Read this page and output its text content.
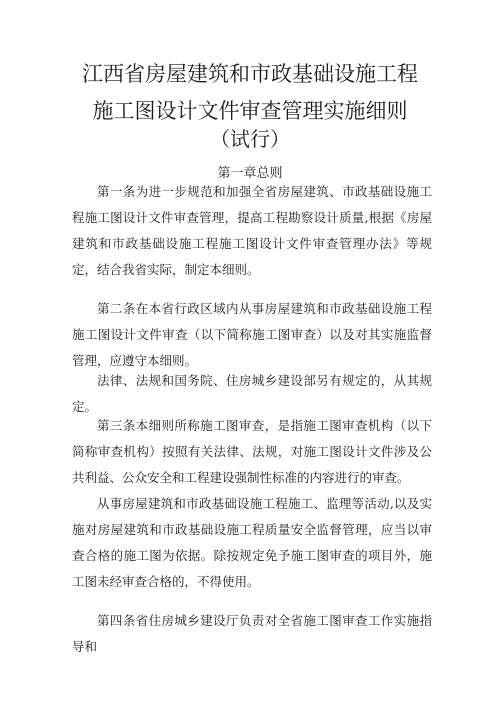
江西省房屋建筑和市政基础设施工程
施工图设计文件审查管理实施细则
（试行）
第一章总则

第一条为进一步规范和加强全省房屋建筑、市政基础设施工程施工图设计文件审查管理，提高工程勘察设计质量,根据《房屋建筑和市政基础设施工程施工图设计文件审查管理办法》等规定，结合我省实际，制定本细则。

第二条在本省行政区域内从事房屋建筑和市政基础设施工程施工图设计文件审查（以下简称施工图审查）以及对其实施监督管理，应遵守本细则。

法律、法规和国务院、住房城乡建设部另有规定的，从其规定。

第三条本细则所称施工图审查，是指施工图审查机构（以下简称审查机构）按照有关法律、法规，对施工图设计文件涉及公共利益、公众安全和工程建设强制性标准的内容进行的审查。

从事房屋建筑和市政基础设施工程施工、监理等活动,以及实施对房屋建筑和市政基础设施工程质量安全监督管理，应当以审查合格的施工图为依据。除按规定免予施工图审查的项目外，施工图未经审查合格的，不得使用。

第四条省住房城乡建设厅负责对全省施工图审查工作实施指导和
